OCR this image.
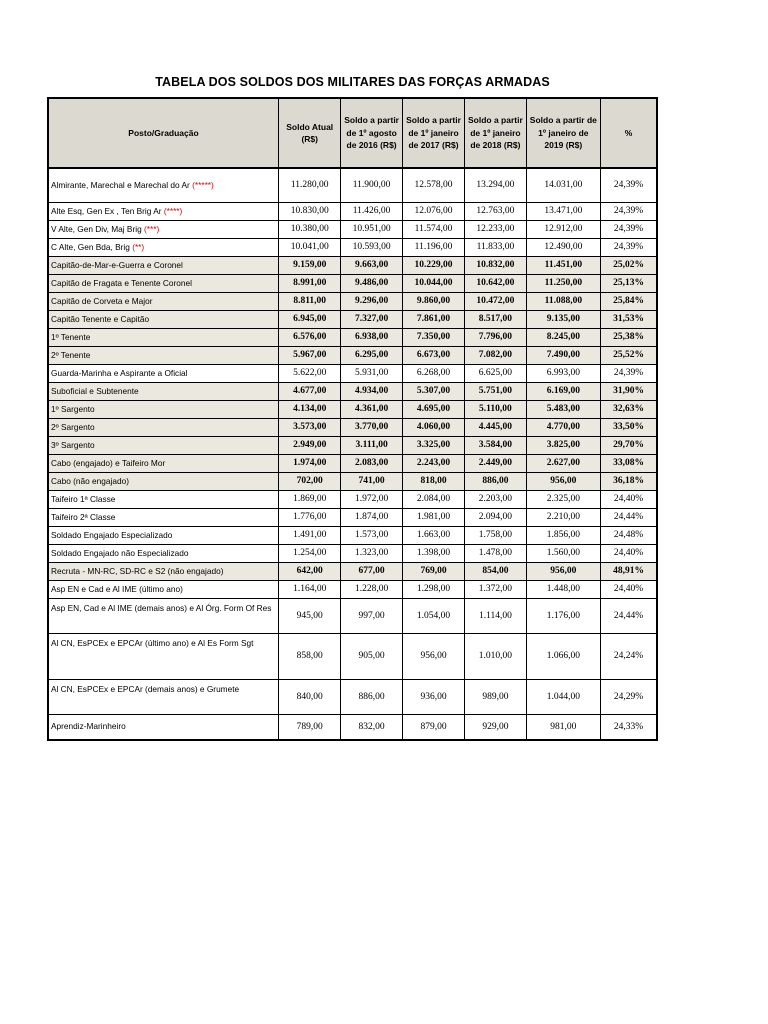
TABELA DOS SOLDOS DOS MILITARES DAS FORÇAS ARMADAS
Posto/Graduação	Soldo Atual (R$)	Soldo a partir de 1º agosto de 2016 (R$)	Soldo a partir de 1º janeiro de 2017 (R$)	Soldo a partir de 1º janeiro de 2018 (R$)	Soldo a partir de 1º janeiro de 2019 (R$)	%
Almirante, Marechal e Marechal do Ar (*****)	11.280,00	11.900,00	12.578,00	13.294,00	14.031,00	24,39%
Alte Esq, Gen Ex , Ten Brig Ar (****)	10.830,00	11.426,00	12.076,00	12.763,00	13.471,00	24,39%
V Alte, Gen Div, Maj Brig (***)	10.380,00	10.951,00	11.574,00	12.233,00	12.912,00	24,39%
C Alte, Gen Bda, Brig (**)	10.041,00	10.593,00	11.196,00	11.833,00	12.490,00	24,39%
Capitão-de-Mar-e-Guerra e Coronel	9.159,00	9.663,00	10.229,00	10.832,00	11.451,00	25,02%
Capitão de Fragata e Tenente Coronel	8.991,00	9.486,00	10.044,00	10.642,00	11.250,00	25,13%
Capitão de Corveta e Major	8.811,00	9.296,00	9.860,00	10.472,00	11.088,00	25,84%
Capitão Tenente e Capitão	6.945,00	7.327,00	7.861,00	8.517,00	9.135,00	31,53%
1º Tenente	6.576,00	6.938,00	7.350,00	7.796,00	8.245,00	25,38%
2º Tenente	5.967,00	6.295,00	6.673,00	7.082,00	7.490,00	25,52%
Guarda-Marinha e Aspirante a Oficial	5.622,00	5.931,00	6.268,00	6.625,00	6.993,00	24,39%
Suboficial e Subtenente	4.677,00	4.934,00	5.307,00	5.751,00	6.169,00	31,90%
1º Sargento	4.134,00	4.361,00	4.695,00	5.110,00	5.483,00	32,63%
2º Sargento	3.573,00	3.770,00	4.060,00	4.445,00	4.770,00	33,50%
3º Sargento	2.949,00	3.111,00	3.325,00	3.584,00	3.825,00	29,70%
Cabo (engajado) e Taifeiro Mor	1.974,00	2.083,00	2.243,00	2.449,00	2.627,00	33,08%
Cabo (não engajado)	702,00	741,00	818,00	886,00	956,00	36,18%
Taifeiro 1ª Classe	1.869,00	1.972,00	2.084,00	2.203,00	2.325,00	24,40%
Taifeiro 2ª Classe	1.776,00	1.874,00	1.981,00	2.094,00	2.210,00	24,44%
Soldado Engajado Especializado	1.491,00	1.573,00	1.663,00	1.758,00	1.856,00	24,48%
Soldado Engajado não Especializado	1.254,00	1.323,00	1.398,00	1.478,00	1.560,00	24,40%
Recruta - MN-RC, SD-RC e S2 (não engajado)	642,00	677,00	769,00	854,00	956,00	48,91%
Asp EN e Cad e Al IME (último ano)	1.164,00	1.228,00	1.298,00	1.372,00	1.448,00	24,40%
Asp EN, Cad e Al IME (demais anos) e Al Órg. Form Of Res	945,00	997,00	1.054,00	1.114,00	1.176,00	24,44%
Al CN, EsPCEx e EPCAr (último ano) e Al Es Form Sgt	858,00	905,00	956,00	1.010,00	1.066,00	24,24%
Al CN, EsPCEx e EPCAr (demais anos) e Grumete	840,00	886,00	936,00	989,00	1.044,00	24,29%
Aprendiz-Marinheiro	789,00	832,00	879,00	929,00	981,00	24,33%
